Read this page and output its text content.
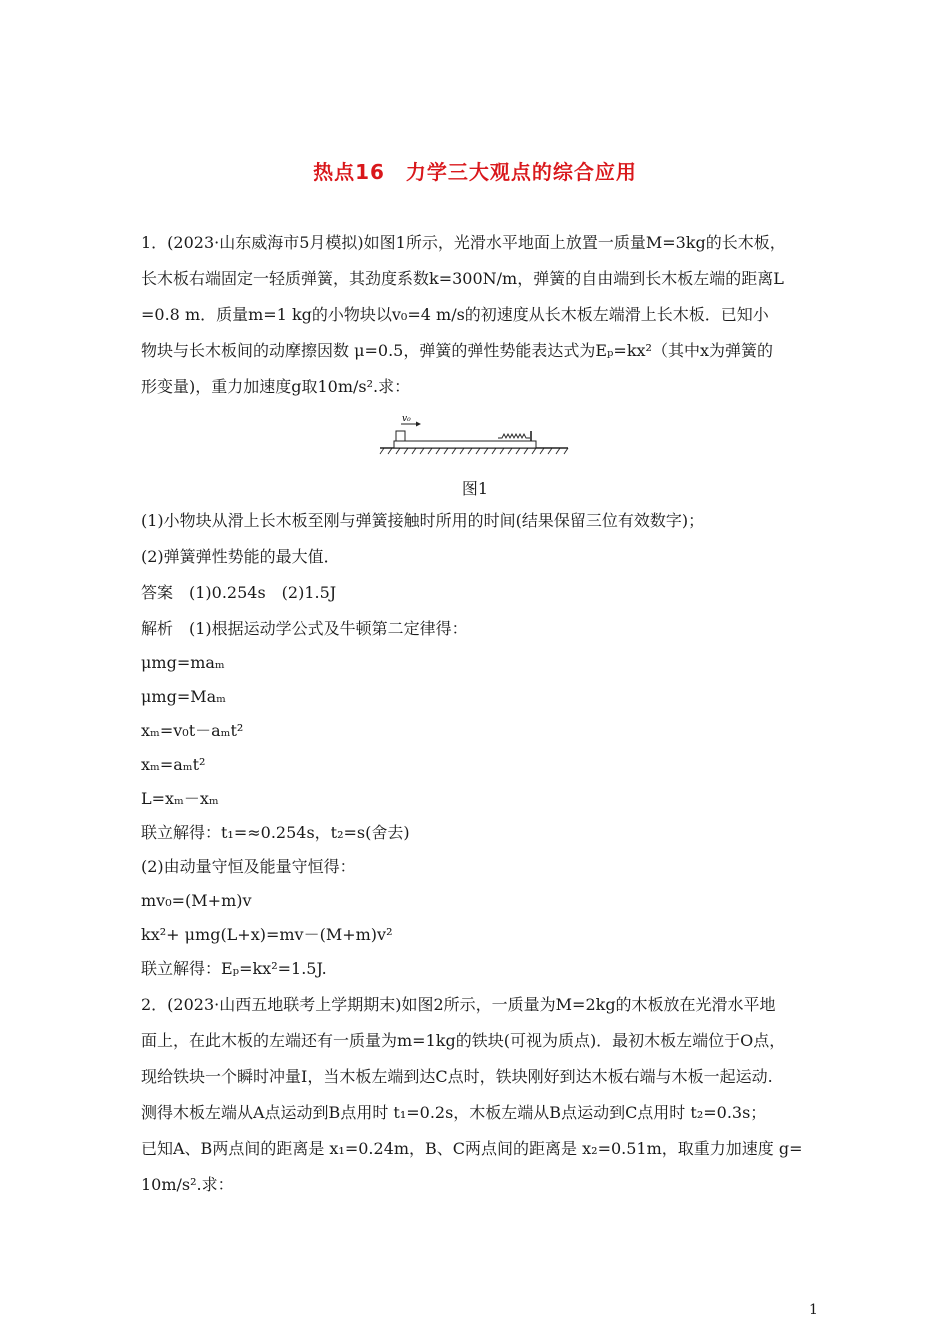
热点16　力学三大观点的综合应用
1．(2023·山东威海市5月模拟)如图1所示，光滑水平地面上放置一质量M=3kg的长木板，
长木板右端固定一轻质弹簧，其劲度系数k=300N/m，弹簧的自由端到长木板左端的距离L
=0.8 m．质量m=1 kg的小物块以v₀=4 m/s的初速度从长木板左端滑上长木板．已知小
物块与长木板间的动摩擦因数 μ=0.5，弹簧的弹性势能表达式为Eₚ=kx²（其中x为弹簧的
形变量)，重力加速度g取10m/s².求：
v₀
图1
(1)小物块从滑上长木板至刚与弹簧接触时所用的时间(结果保留三位有效数字)；
(2)弹簧弹性势能的最大值．
答案　(1)0.254s　(2)1.5J
解析　(1)根据运动学公式及牛顿第二定律得：
μmg=maₘ
μmg=Maₘ
xₘ=v₀t－aₘt²
xₘ=aₘt²
L=xₘ－xₘ
联立解得：t₁=≈0.254s，t₂=s(舍去)
(2)由动量守恒及能量守恒得：
mv₀=(M+m)v
kx²+ μmg(L+x)=mv－(M+m)v²
联立解得：Eₚ=kx²=1.5J.
2．(2023·山西五地联考上学期期末)如图2所示，一质量为M=2kg的木板放在光滑水平地
面上，在此木板的左端还有一质量为m=1kg的铁块(可视为质点)．最初木板左端位于O点，
现给铁块一个瞬时冲量I，当木板左端到达C点时，铁块刚好到达木板右端与木板一起运动.
测得木板左端从A点运动到B点用时 t₁=0.2s，木板左端从B点运动到C点用时 t₂=0.3s；
已知A、B两点间的距离是 x₁=0.24m，B、C两点间的距离是 x₂=0.51m，取重力加速度 g=
10m/s².求：
1
